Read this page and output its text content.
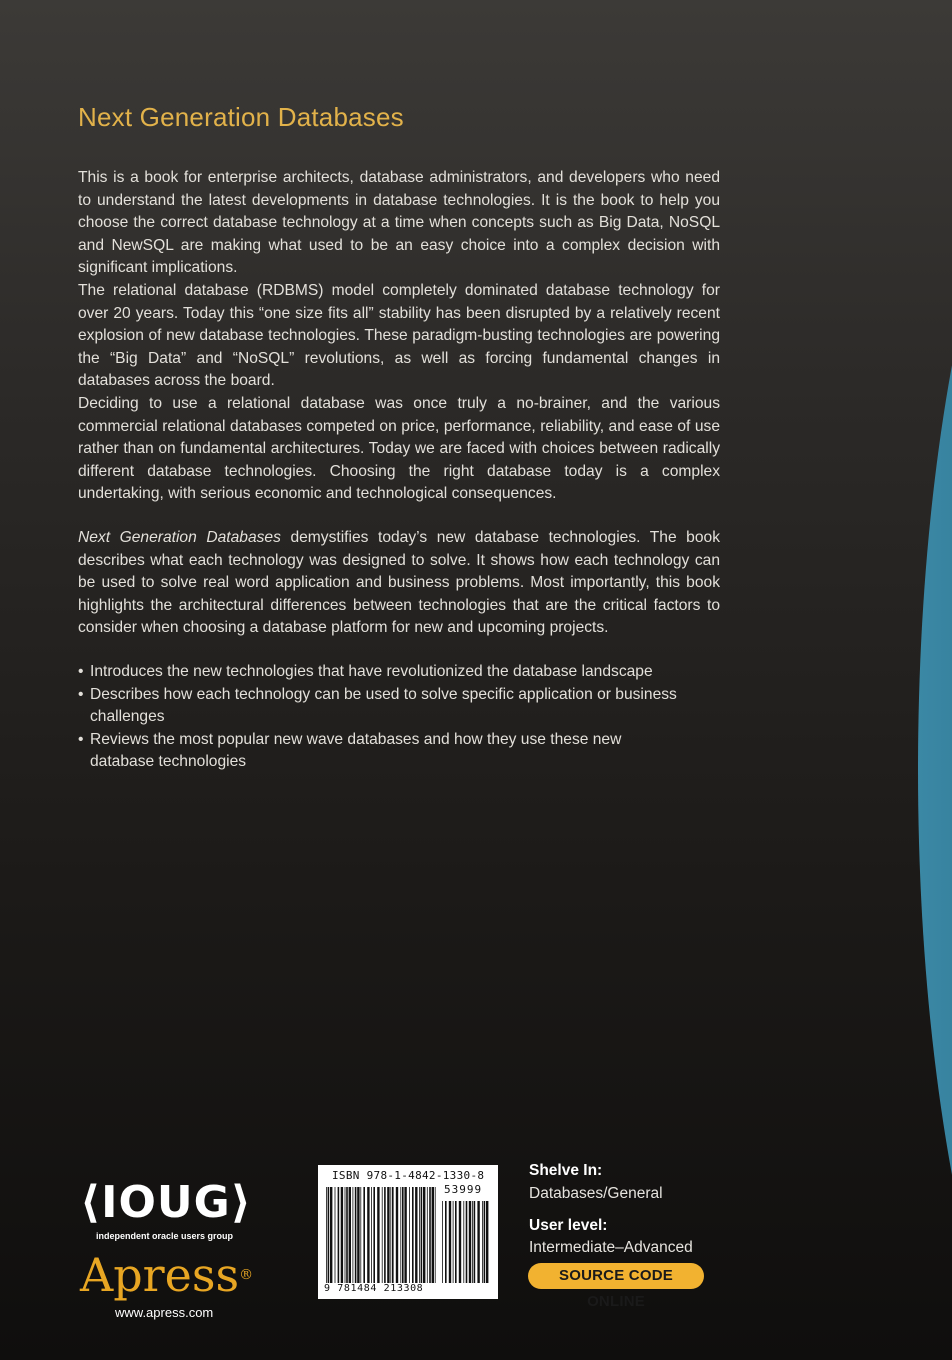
Next Generation Databases

This is a book for enterprise architects, database administrators, and developers who need to understand the latest developments in database technologies. It is the book to help you choose the correct database technology at a time when concepts such as Big Data, NoSQL and NewSQL are making what used to be an easy choice into a complex decision with significant implications.

The relational database (RDBMS) model completely dominated database technology for over 20 years. Today this “one size fits all” stability has been disrupted by a relatively recent explosion of new database technologies. These paradigm-busting technologies are powering the “Big Data” and “NoSQL” revolutions, as well as forcing fundamental changes in databases across the board.

Deciding to use a relational database was once truly a no-brainer, and the various commercial relational databases competed on price, performance, reliability, and ease of use rather than on fundamental architectures. Today we are faced with choices between radically different database technologies. Choosing the right database today is a complex undertaking, with serious economic and technological consequences.

Next Generation Databases demystifies today’s new database technologies. The book describes what each technology was designed to solve. It shows how each technology can be used to solve real word application and business problems. Most importantly, this book highlights the architectural differences between technologies that are the critical factors to consider when choosing a database platform for new and upcoming projects.

• Introduces the new technologies that have revolutionized the database landscape
• Describes how each technology can be used to solve specific application or business challenges
• Reviews the most popular new wave databases and how they use these new database technologies
⟨IOUG⟩
independent oracle users group
Apress®
www.apress.com
ISBN 978-1-4842-1330-8
53999
9 781484 213308
Shelve In:
Databases/General
User level:
Intermediate–Advanced
SOURCE CODE ONLINE
